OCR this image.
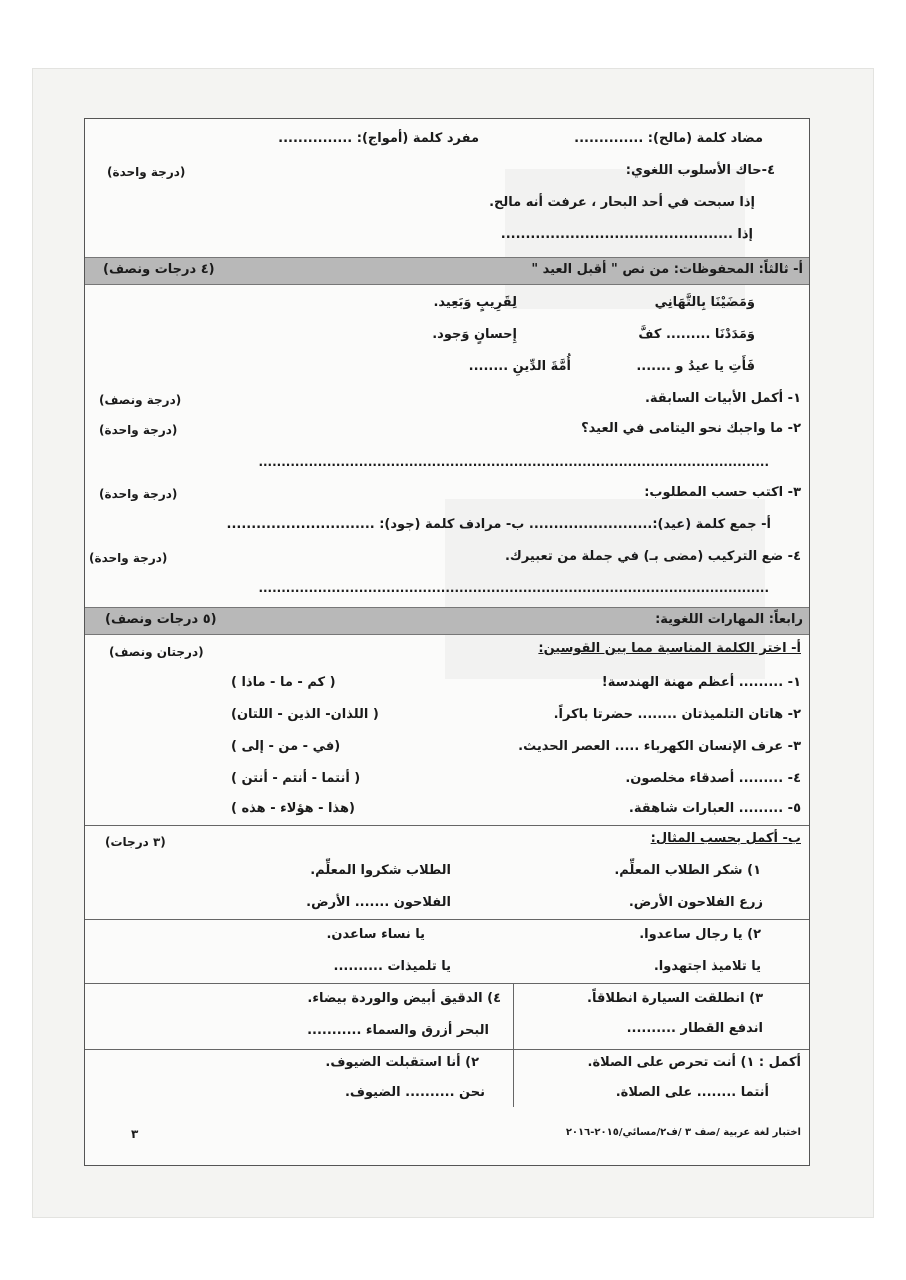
مضاد كلمة (مالح): ..............
مفرد كلمة (أمواج): ...............
٤-حاك الأسلوب اللغوي:
(درجة واحدة)
إذا سبحت في أحد البحار ، عرفت أنه مالح.
إذا ...............................................
أ- ثالثاً: المحفوظات: من نص " أقبل العيد "
(٤ درجات ونصف)
وَمَضَيْنَا بِالتَّهَانِي
لِقَرِيبٍ وَبَعِيد.
وَمَدَدْنَا ......... كفَّ
إِحسانٍ وَجود.
فَأَتِ يا عيدُ و .......
أُمَّةَ الدِّينِ ........
١- أكمل الأبيات السابقة.
(درجة ونصف)
٢- ما واجبك نحو اليتامى في العيد؟
(درجة واحدة)
................................................................................................................
٣- اكتب حسب المطلوب:
(درجة واحدة)
أ- جمع كلمة (عيد):......................... ب- مرادف كلمة (جود): ..............................
٤- ضع التركيب (مضى بـ) في جملة من تعبيرك.
(درجة واحدة)
................................................................................................................
رابعاً: المهارات اللغوية:
(٥ درجات ونصف)
أ- اختر الكلمة المناسبة مما بين القوسين:
(درجتان ونصف)
١- ......... أعظم مهنة الهندسة!
( كم - ما - ماذا )
٢- هاتان التلميذتان ........ حضرتا باكراً.
( اللذان- الذين - اللتان)
٣- عرف الإنسان الكهرباء ..... العصر الحديث.
(في - من - إلى )
٤- ......... أصدقاء مخلصون.
( أنتما - أنتم - أنتن )
٥- ......... العبارات شاهقة.
(هذا - هؤلاء - هذه )
ب- أكمل بحسب المثال:
(٣ درجات)
١) شكر الطلاب المعلِّم.
الطلاب شكروا المعلِّم.
زرع الفلاحون الأرض.
الفلاحون ....... الأرض.
٢) يا رجال ساعدوا.
يا نساء ساعدن.
يا تلاميذ اجتهدوا.
يا تلميذات ..........
٣) انطلقت السيارة انطلاقاً.
اندفع القطار ..........
٤) الدقيق أبيض والوردة بيضاء.
البحر أزرق والسماء ...........
أكمل : ١) أنت تحرص على الصلاة.
أنتما ........ على الصلاة.
٢) أنا استقبلت الضيوف.
نحن .......... الضيوف.
اختبار لغة عربية /صف ٣ /ف٢/مسائي/٢٠١٥-٢٠١٦
٣
